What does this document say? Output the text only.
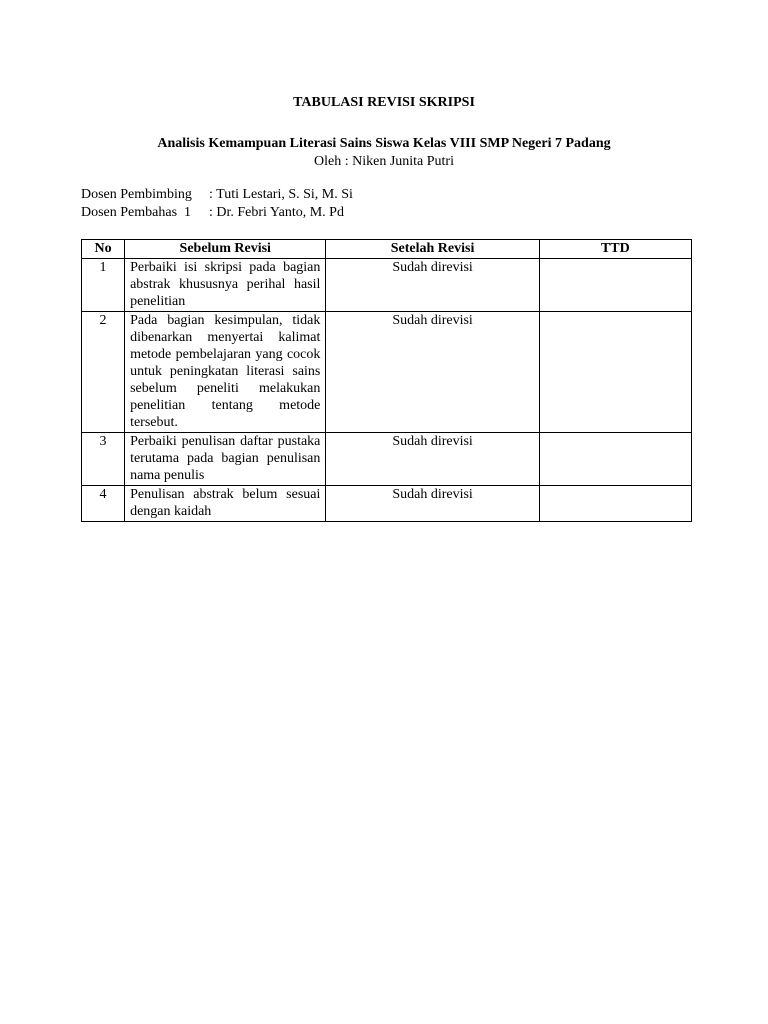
TABULASI REVISI SKRIPSI
Analisis Kemampuan Literasi Sains Siswa Kelas VIII SMP Negeri 7 Padang
Oleh : Niken Junita Putri
Dosen Pembimbing	: Tuti Lestari, S. Si, M. Si
Dosen Pembahas  1	: Dr. Febri Yanto, M. Pd
No	Sebelum Revisi	Setelah Revisi	TTD
1	Perbaiki isi skripsi pada bagian abstrak khususnya perihal hasil penelitian	Sudah direvisi	
2	Pada bagian kesimpulan, tidak dibenarkan menyertai kalimat metode pembelajaran yang cocok untuk peningkatan literasi sains sebelum peneliti melakukan penelitian tentang metode tersebut.	Sudah direvisi	
3	Perbaiki penulisan daftar pustaka terutama pada bagian penulisan nama penulis	Sudah direvisi	
4	Penulisan abstrak belum sesuai dengan kaidah	Sudah direvisi	
